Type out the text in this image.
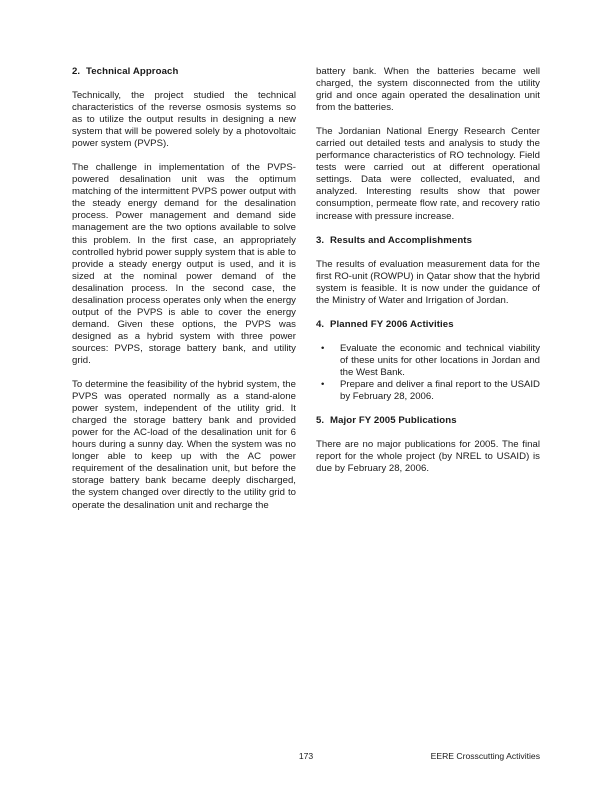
2. Technical Approach

Technically, the project studied the technical characteristics of the reverse osmosis systems so as to utilize the output results in designing a new system that will be powered solely by a photovoltaic power system (PVPS).

The challenge in implementation of the PVPS-powered desalination unit was the optimum matching of the intermittent PVPS power output with the steady energy demand for the desalination process. Power management and demand side management are the two options available to solve this problem. In the first case, an appropriately controlled hybrid power supply system that is able to provide a steady energy output is used, and it is sized at the nominal power demand of the desalination process. In the second case, the desalination process operates only when the energy output of the PVPS is able to cover the energy demand. Given these options, the PVPS was designed as a hybrid system with three power sources: PVPS, storage battery bank, and utility grid.

To determine the feasibility of the hybrid system, the PVPS was operated normally as a stand-alone power system, independent of the utility grid. It charged the storage battery bank and provided power for the AC-load of the desalination unit for 6 hours during a sunny day. When the system was no longer able to keep up with the AC power requirement of the desalination unit, but before the storage battery bank became deeply discharged, the system changed over directly to the utility grid to operate the desalination unit and recharge the

battery bank. When the batteries became well charged, the system disconnected from the utility grid and once again operated the desalination unit from the batteries.

The Jordanian National Energy Research Center carried out detailed tests and analysis to study the performance characteristics of RO technology. Field tests were carried out at different operational settings. Data were collected, evaluated, and analyzed. Interesting results show that power consumption, permeate flow rate, and recovery ratio increase with pressure increase.

3. Results and Accomplishments

The results of evaluation measurement data for the first RO-unit (ROWPU) in Qatar show that the hybrid system is feasible. It is now under the guidance of the Ministry of Water and Irrigation of Jordan.

4. Planned FY 2006 Activities
• Evaluate the economic and technical viability of these units for other locations in Jordan and the West Bank.
• Prepare and deliver a final report to the USAID by February 28, 2006.
5. Major FY 2005 Publications

There are no major publications for 2005. The final report for the whole project (by NREL to USAID) is due by February 28, 2006.

173	EERE Crosscutting Activities
